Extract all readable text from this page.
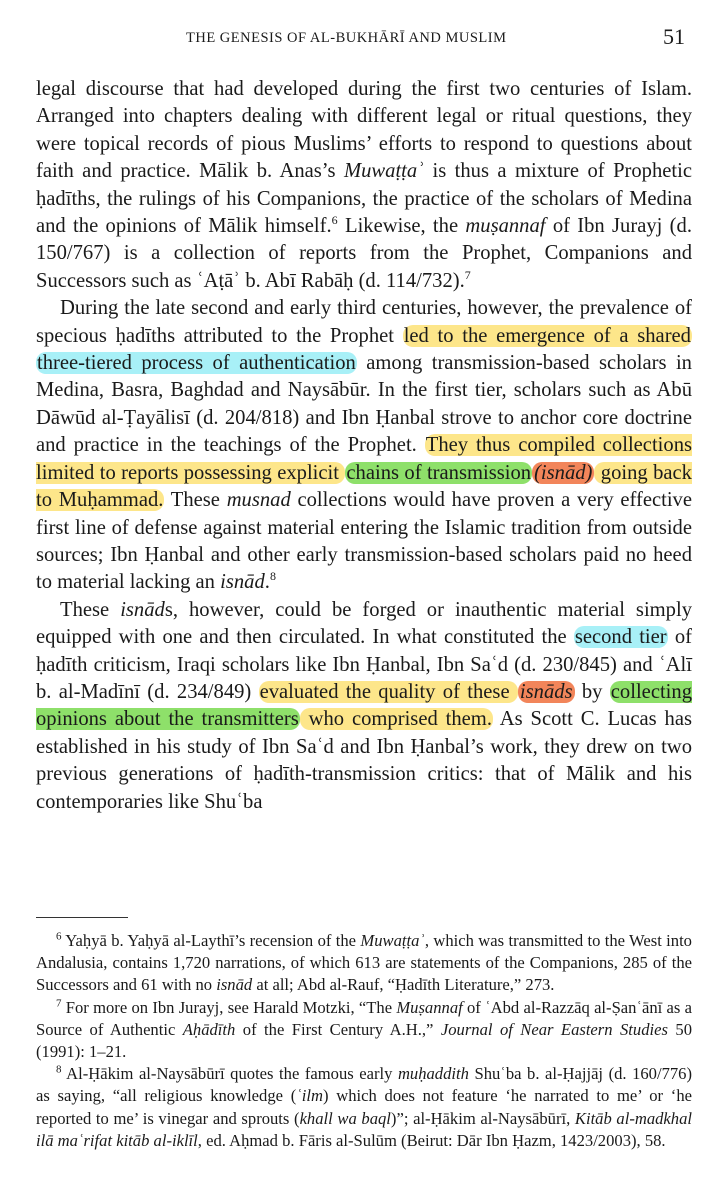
THE GENESIS OF AL-BUKHĀRĪ AND MUSLIM	51

legal discourse that had developed during the first two centuries of Islam. Arranged into chapters dealing with different legal or ritual questions, they were topical records of pious Muslims’ efforts to respond to questions about faith and practice. Mālik b. Anas’s Muwaṭṭaʾ is thus a mixture of Prophetic ḥadīths, the rulings of his Companions, the practice of the scholars of Medina and the opinions of Mālik himself.$^6$ Likewise, the muṣannaf of Ibn Jurayj (d. 150/767) is a collection of reports from the Prophet, Companions and Successors such as ʿAṭāʾ b. Abī Rabāḥ (d. 114/732).$^7$

During the late second and early third centuries, however, the prevalence of specious ḥadīths attributed to the Prophet led to the emergence of a shared three-tiered process of authentication among transmission-based scholars in Medina, Basra, Baghdad and Naysābūr. In the first tier, scholars such as Abū Dāwūd al-Ṭayālisī (d. 204/818) and Ibn Ḥanbal strove to anchor core doctrine and practice in the teachings of the Prophet. They thus compiled collections limited to reports possessing explicit chains of transmission (isnād) going back to Muḥammad. These musnad collections would have proven a very effective first line of defense against material entering the Islamic tradition from outside sources; Ibn Ḥanbal and other early transmission-based scholars paid no heed to material lacking an isnād.$^8$

These isnāds, however, could be forged or inauthentic material simply equipped with one and then circulated. In what constituted the second tier of ḥadīth criticism, Iraqi scholars like Ibn Ḥanbal, Ibn Saʿd (d. 230/845) and ʿAlī b. al-Madīnī (d. 234/849) evaluated the quality of these isnāds by collecting opinions about the transmitters who comprised them. As Scott C. Lucas has established in his study of Ibn Saʿd and Ibn Ḥanbal’s work, they drew on two previous generations of ḥadīth-transmission critics: that of Mālik and his contemporaries like Shuʿba

$^6$ Yaḥyā b. Yaḥyā al-Laythī’s recension of the Muwaṭṭaʾ, which was transmitted to the West into Andalusia, contains 1,720 narrations, of which 613 are statements of the Companions, 285 of the Successors and 61 with no isnād at all; Abd al-Rauf, “Ḥadīth Literature,” 273.

$^7$ For more on Ibn Jurayj, see Harald Motzki, “The Muṣannaf of ʿAbd al-Razzāq al-Ṣanʿānī as a Source of Authentic Aḥādīth of the First Century A.H.,” Journal of Near Eastern Studies 50 (1991): 1–21.

$^8$ Al-Ḥākim al-Naysābūrī quotes the famous early muḥaddith Shuʿba b. al-Ḥajjāj (d. 160/776) as saying, “all religious knowledge (ʿilm) which does not feature ‘he narrated to me’ or ‘he reported to me’ is vinegar and sprouts (khall wa baql)”; al-Ḥākim al-Naysābūrī, Kitāb al-madkhal ilā maʿrifat kitāb al-iklīl, ed. Aḥmad b. Fāris al-Sulūm (Beirut: Dār Ibn Ḥazm, 1423/2003), 58.
